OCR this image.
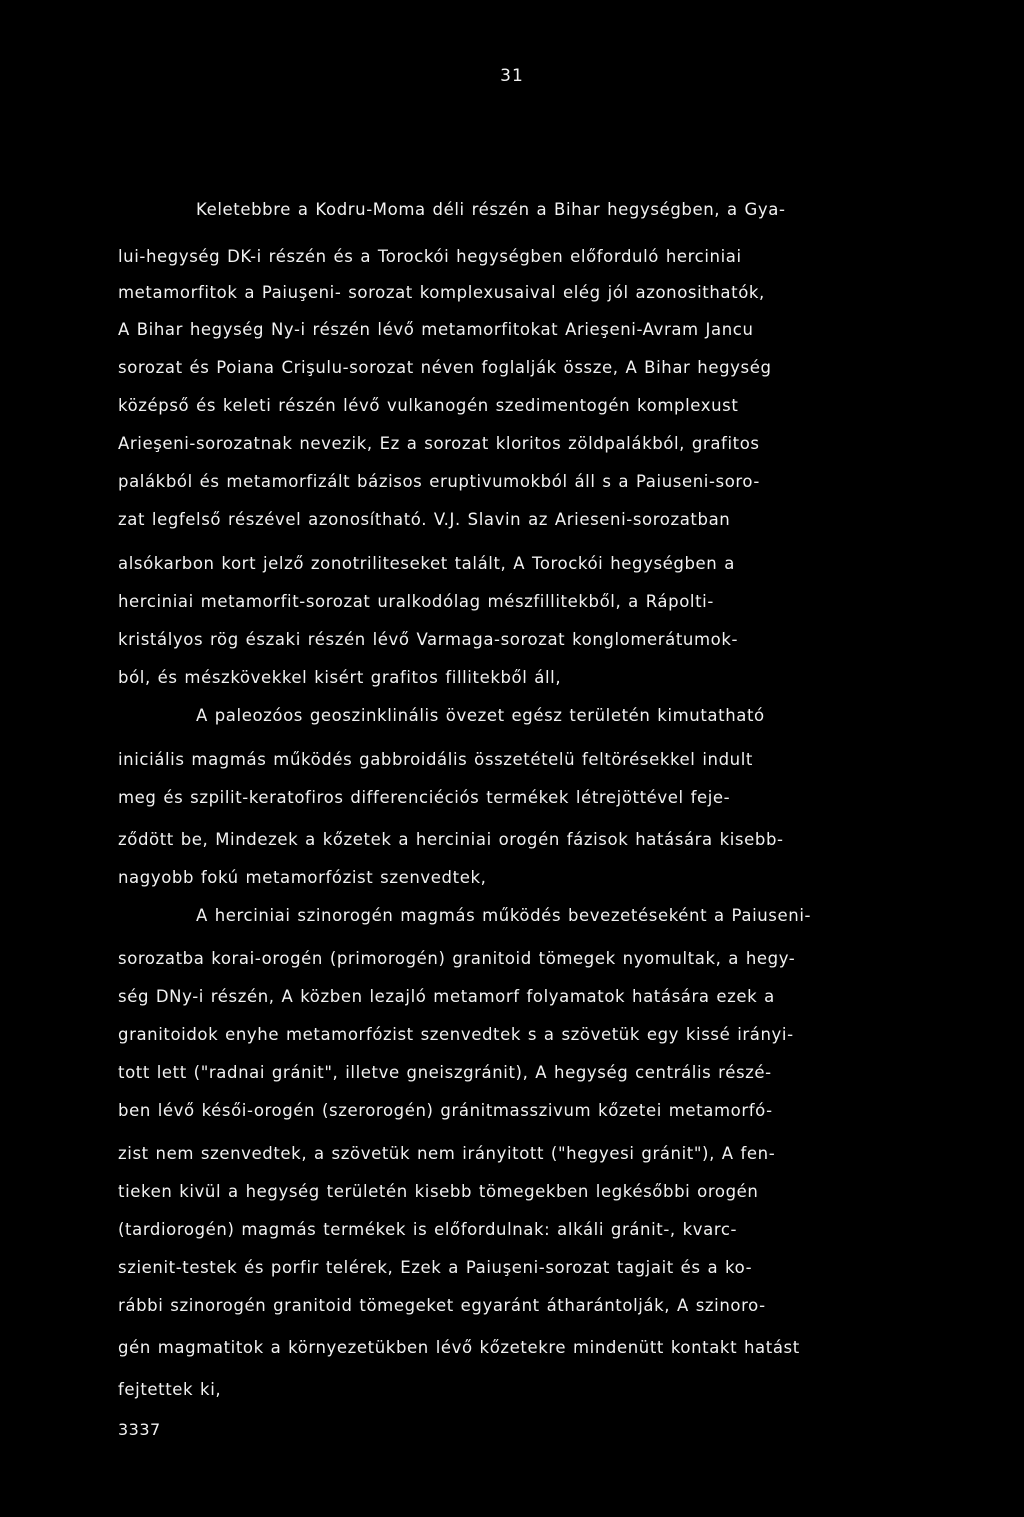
31
Keletebbre a Kodru-Moma déli részén a Bihar hegységben, a Gya-
lui-hegység DK-i részén és a Torockói hegységben előforduló herciniai
metamorfitok a Paiuşeni- sorozat komplexusaival elég jól azonosithatók,
A Bihar hegység Ny-i részén lévő metamorfitokat Arieşeni-Avram Jancu
sorozat és Poiana Crişulu-sorozat néven foglalják össze, A Bihar hegység
középső és keleti részén lévő vulkanogén szedimentogén komplexust
Arieşeni-sorozatnak nevezik, Ez a sorozat kloritos zöldpalákból, grafitos
palákból és metamorfizált bázisos eruptivumokból áll s a Paiuseni-soro-
zat legfelső részével azonosítható. V.J. Slavin az Arieseni-sorozatban
alsókarbon kort jelző zonotriliteseket talált, A Torockói hegységben a
herciniai metamorfit-sorozat uralkodólag mészfillitekből, a Rápolti-
kristályos rög északi részén lévő Varmaga-sorozat konglomerátumok-
ból, és mészkövekkel kisért grafitos fillitekből áll,
A paleozóos geoszinklinális övezet egész területén kimutatható
iniciális magmás működés gabbroidális összetételü feltörésekkel indult
meg és szpilit-keratofiros differenciéciós termékek létrejöttével feje-
ződött be, Mindezek a kőzetek a herciniai orogén fázisok hatására kisebb-
nagyobb fokú metamorfózist szenvedtek,
A herciniai szinorogén magmás működés bevezetéseként a Paiuseni-
sorozatba korai-orogén (primorogén) granitoid tömegek nyomultak, a hegy-
ség DNy-i részén, A közben lezajló metamorf folyamatok hatására ezek a
granitoidok enyhe metamorfózist szenvedtek s a szövetük egy kissé irányi-
tott lett ("radnai gránit", illetve gneiszgránit), A hegység centrális részé-
ben lévő késői-orogén (szerorogén) gránitmasszivum kőzetei metamorfó-
zist nem szenvedtek, a szövetük nem irányitott ("hegyesi gránit"), A fen-
tieken kivül a hegység területén kisebb tömegekben legkésőbbi orogén
(tardiorogén) magmás termékek is előfordulnak: alkáli gránit-, kvarc-
szienit-testek és porfir telérek, Ezek a Paiuşeni-sorozat tagjait és a ko-
rábbi szinorogén granitoid tömegeket egyaránt átharántolják, A szinoro-
gén magmatitok a környezetükben lévő kőzetekre mindenütt kontakt hatást
fejtettek ki,
3337
